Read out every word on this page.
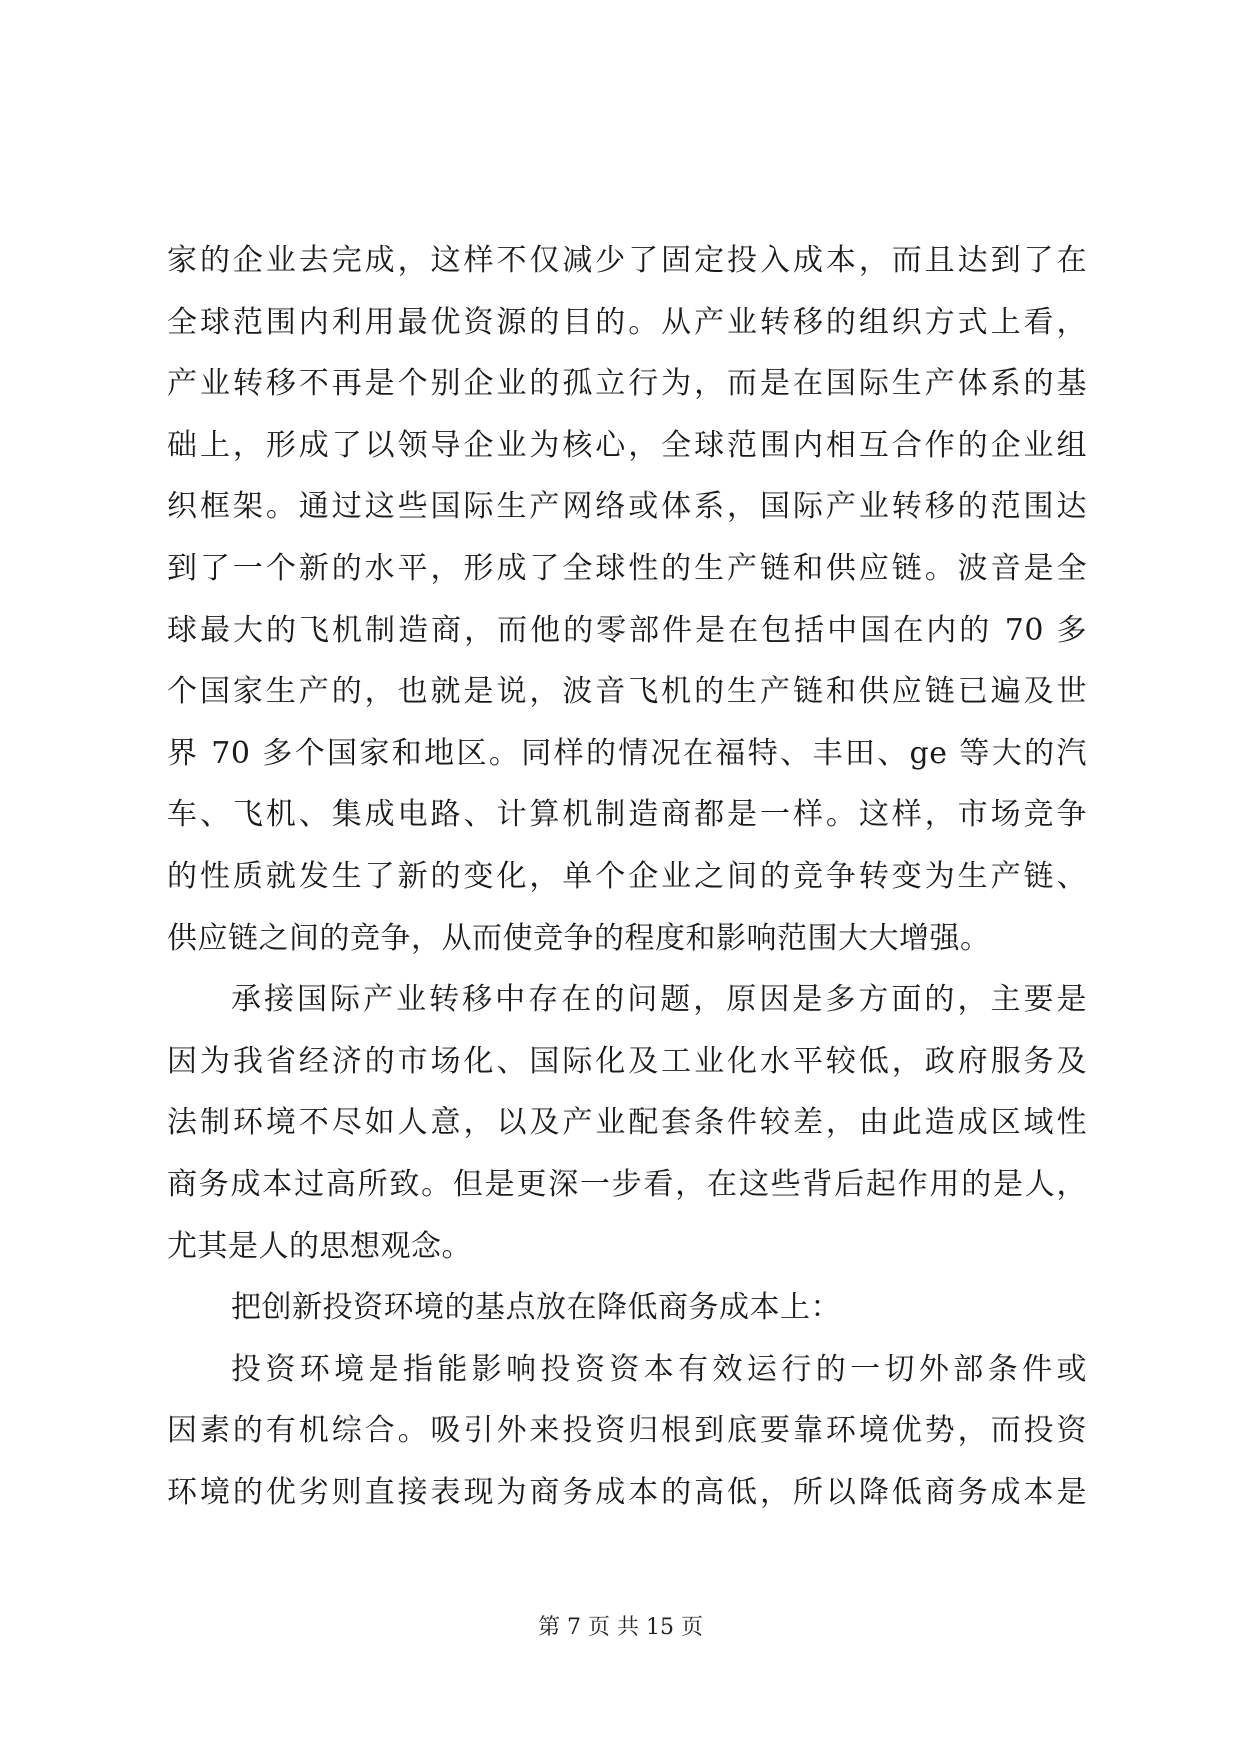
家的企业去完成，这样不仅减少了固定投入成本，而且达到了在
全球范围内利用最优资源的目的。从产业转移的组织方式上看，
产业转移不再是个别企业的孤立行为，而是在国际生产体系的基
础上，形成了以领导企业为核心，全球范围内相互合作的企业组
织框架。通过这些国际生产网络或体系，国际产业转移的范围达
到了一个新的水平，形成了全球性的生产链和供应链。波音是全
球最大的飞机制造商，而他的零部件是在包括中国在内的 70 多
个国家生产的，也就是说，波音飞机的生产链和供应链已遍及世
界 70 多个国家和地区。同样的情况在福特、丰田、ge 等大的汽
车、飞机、集成电路、计算机制造商都是一样。这样，市场竞争
的性质就发生了新的变化，单个企业之间的竞争转变为生产链、
供应链之间的竞争，从而使竞争的程度和影响范围大大增强。
承接国际产业转移中存在的问题，原因是多方面的，主要是
因为我省经济的市场化、国际化及工业化水平较低，政府服务及
法制环境不尽如人意，以及产业配套条件较差，由此造成区域性
商务成本过高所致。但是更深一步看，在这些背后起作用的是人，
尤其是人的思想观念。
把创新投资环境的基点放在降低商务成本上：
投资环境是指能影响投资资本有效运行的一切外部条件或
因素的有机综合。吸引外来投资归根到底要靠环境优势，而投资
环境的优劣则直接表现为商务成本的高低，所以降低商务成本是
第 7 页 共 15 页
